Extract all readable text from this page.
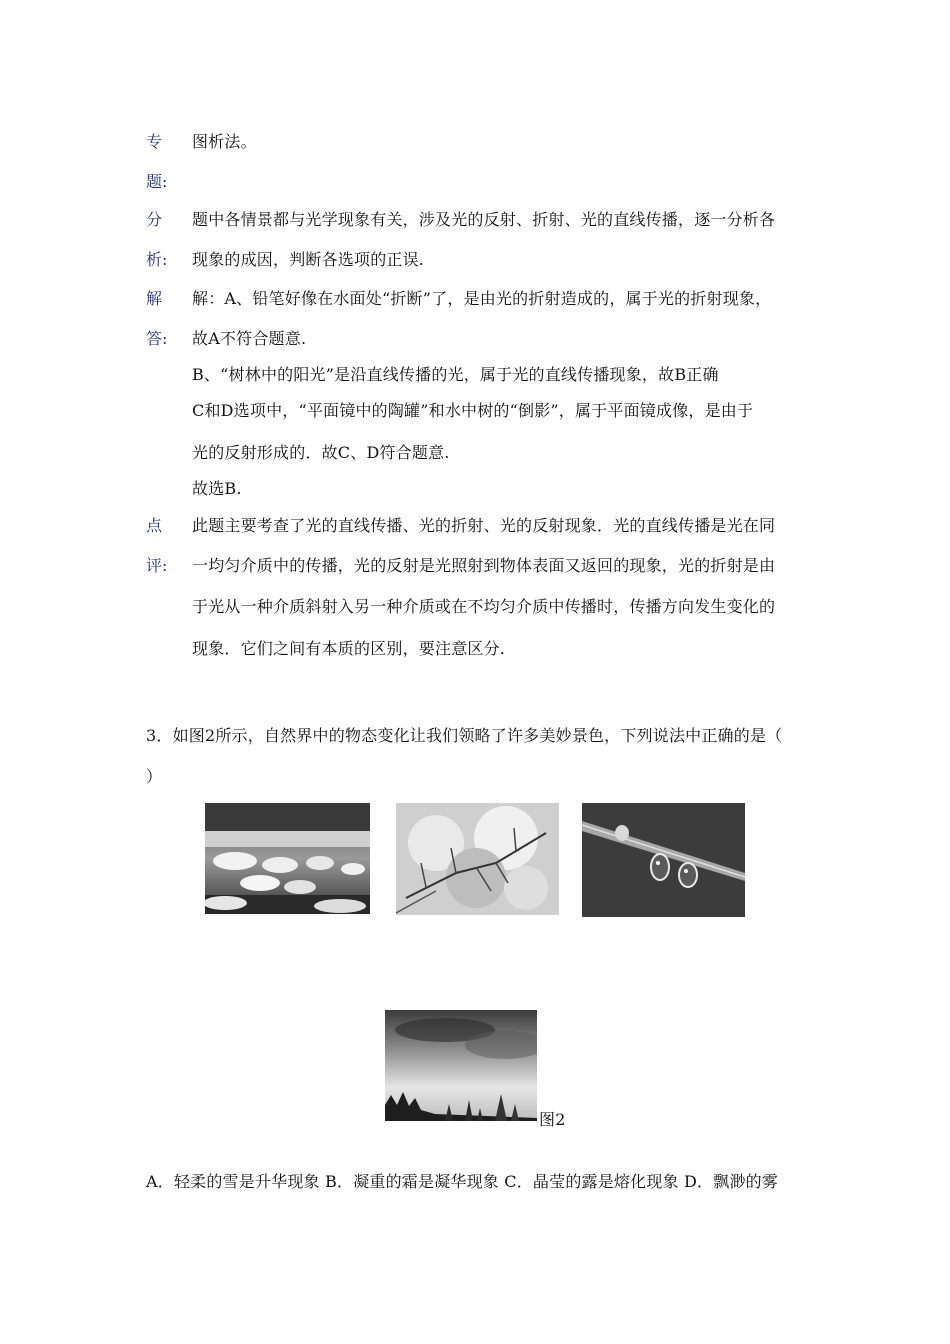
专
题:
分
析:
解
答:
点
评:
图析法。
题中各情景都与光学现象有关，涉及光的反射、折射、光的直线传播，逐一分析各
现象的成因，判断各选项的正误.
解：A、铅笔好像在水面处“折断”了，是由光的折射造成的，属于光的折射现象，
故A不符合题意.
B、“树林中的阳光”是沿直线传播的光，属于光的直线传播现象，故B正确
C和D选项中，“平面镜中的陶罐”和水中树的“倒影”，属于平面镜成像，是由于
光的反射形成的．故C、D符合题意.
故选B.
此题主要考查了光的直线传播、光的折射、光的反射现象．光的直线传播是光在同
一均匀介质中的传播，光的反射是光照射到物体表面又返回的现象，光的折射是由
于光从一种介质斜射入另一种介质或在不均匀介质中传播时，传播方向发生变化的
现象．它们之间有本质的区别，要注意区分.
3．如图2所示，自然界中的物态变化让我们领略了许多美妙景色，下列说法中正确的是（
）
图2
A．轻柔的雪是升华现象 B．凝重的霜是凝华现象 C．晶莹的露是熔化现象 D．飘渺的雾
